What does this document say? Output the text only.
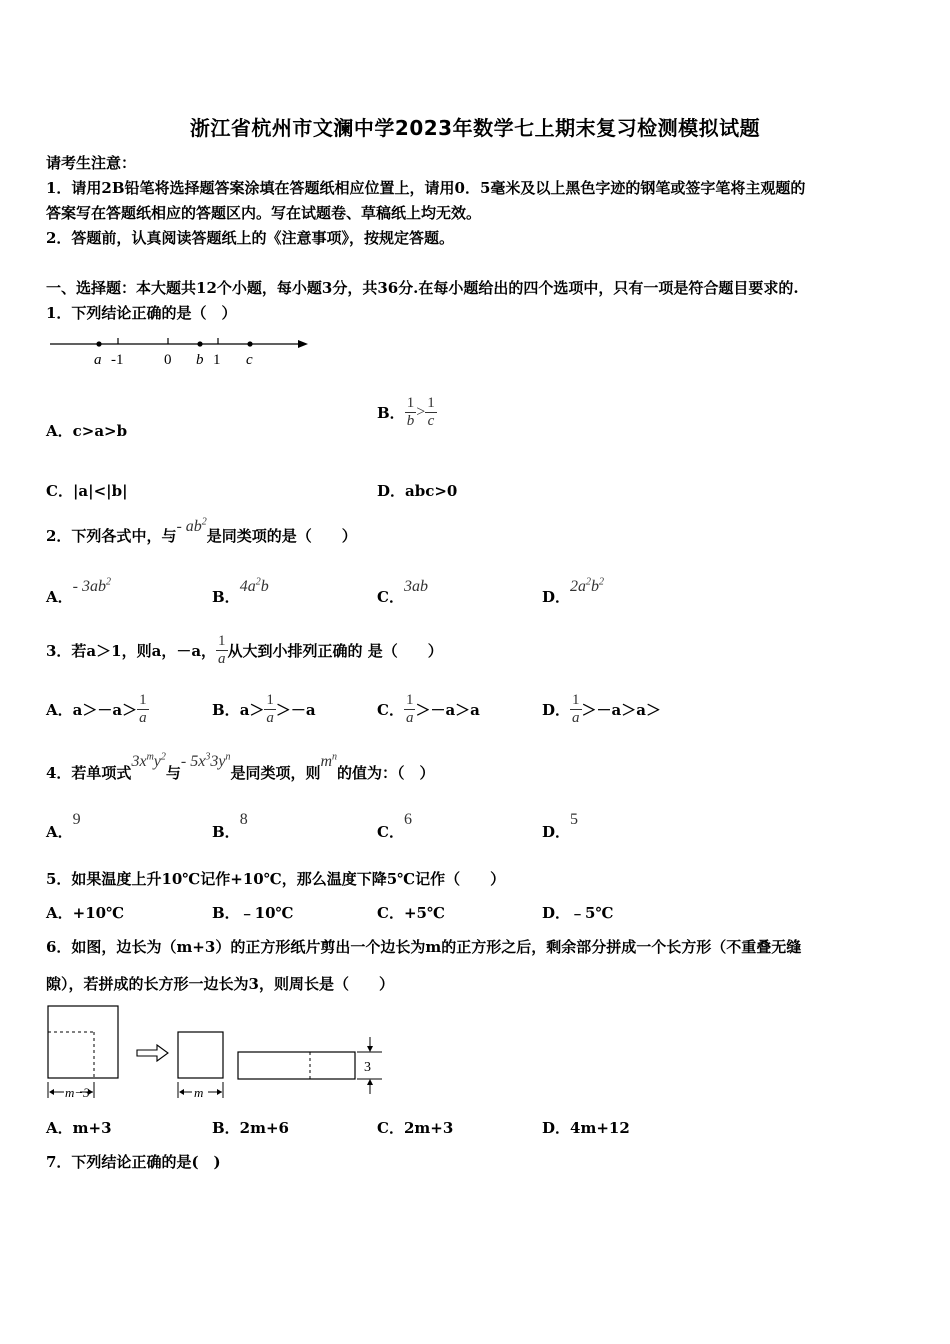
浙江省杭州市文澜中学2023年数学七上期末复习检测模拟试题
请考生注意：
1．请用2B铅笔将选择题答案涂填在答题纸相应位置上，请用0．5毫米及以上黑色字迹的钢笔或签字笔将主观题的
答案写在答题纸相应的答题区内。写在试题卷、草稿纸上均无效。
2．答题前，认真阅读答题纸上的《注意事项》，按规定答题。
一、选择题：本大题共12个小题，每小题3分，共36分.在每小题给出的四个选项中，只有一项是符合题目要求的.
1．下列结论正确的是（　）
a -1	0 b 1 c
A．c>a>b
B． $\frac{1}{b} > \frac{1}{c}$
C．|a|<|b|	D．abc>0
2．下列各式中，与- $ab^2$是同类项的是（　　）
A．- $3ab^2$
B．$4a^2b$
C．3ab
D．$2a^2b^2$
3．若a＞1，则a，－a， $\frac{1}{a}$ 从大到小排列正确的 是（　　）
A．$a>-a> \frac{1}{a}$	B．$a> \frac{1}{a} >-a$	C． $\frac{1}{a} >-a>a$	D． $\frac{1}{a} >-a>a>$
4．若单项式$3x^my^2$与- $5x^33y^n$是同类项，则$m^n$的值为：（　）
A．9
B．8
C．6
D．5
5．如果温度上升10℃记作+10℃，那么温度下降5℃记作（　　）
A．+10℃	B．﹣10℃	C．+5℃	D．﹣5℃
6．如图，边长为（m+3）的正方形纸片剪出一个边长为m的正方形之后，剩余部分拼成一个长方形（不重叠无缝
隙），若拼成的长方形一边长为3，则周长是（　　）
m−3	m
3
A．m+3	B．2m+6	C．2m+3	D．4m+12
7．下列结论正确的是(　)
